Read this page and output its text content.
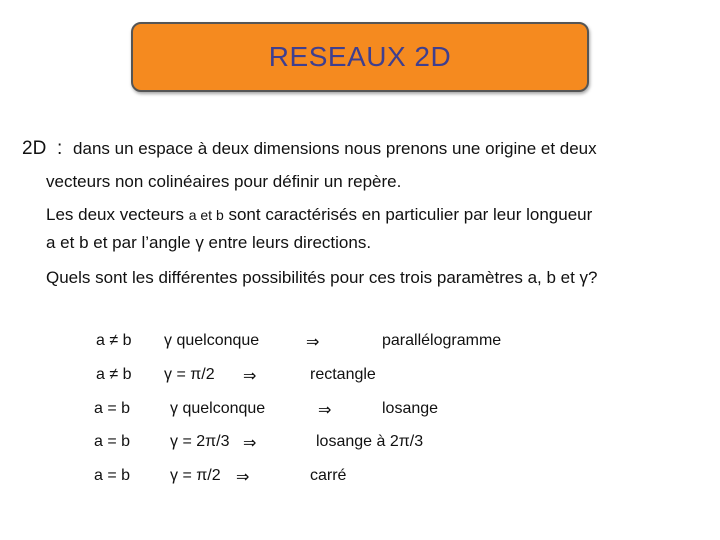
RESEAUX 2D
2D : dans un espace à deux dimensions nous prenons une origine et deux
vecteurs non colinéaires pour définir un repère.
Les deux vecteurs a et b sont caractérisés en particulier par leur longueur
a et b et par l’angle γ entre leurs directions.
Quels sont les différentes possibilités pour ces trois paramètres a, b et γ?
a ≠ b γ quelconque	⇒	parallélogramme
a ≠ b γ = π/2 ⇒	rectangle
a = b γ quelconque	⇒	losange
a = b γ = 2π/3 ⇒	losange à 2π/3
a = b γ = π/2 ⇒	carré
